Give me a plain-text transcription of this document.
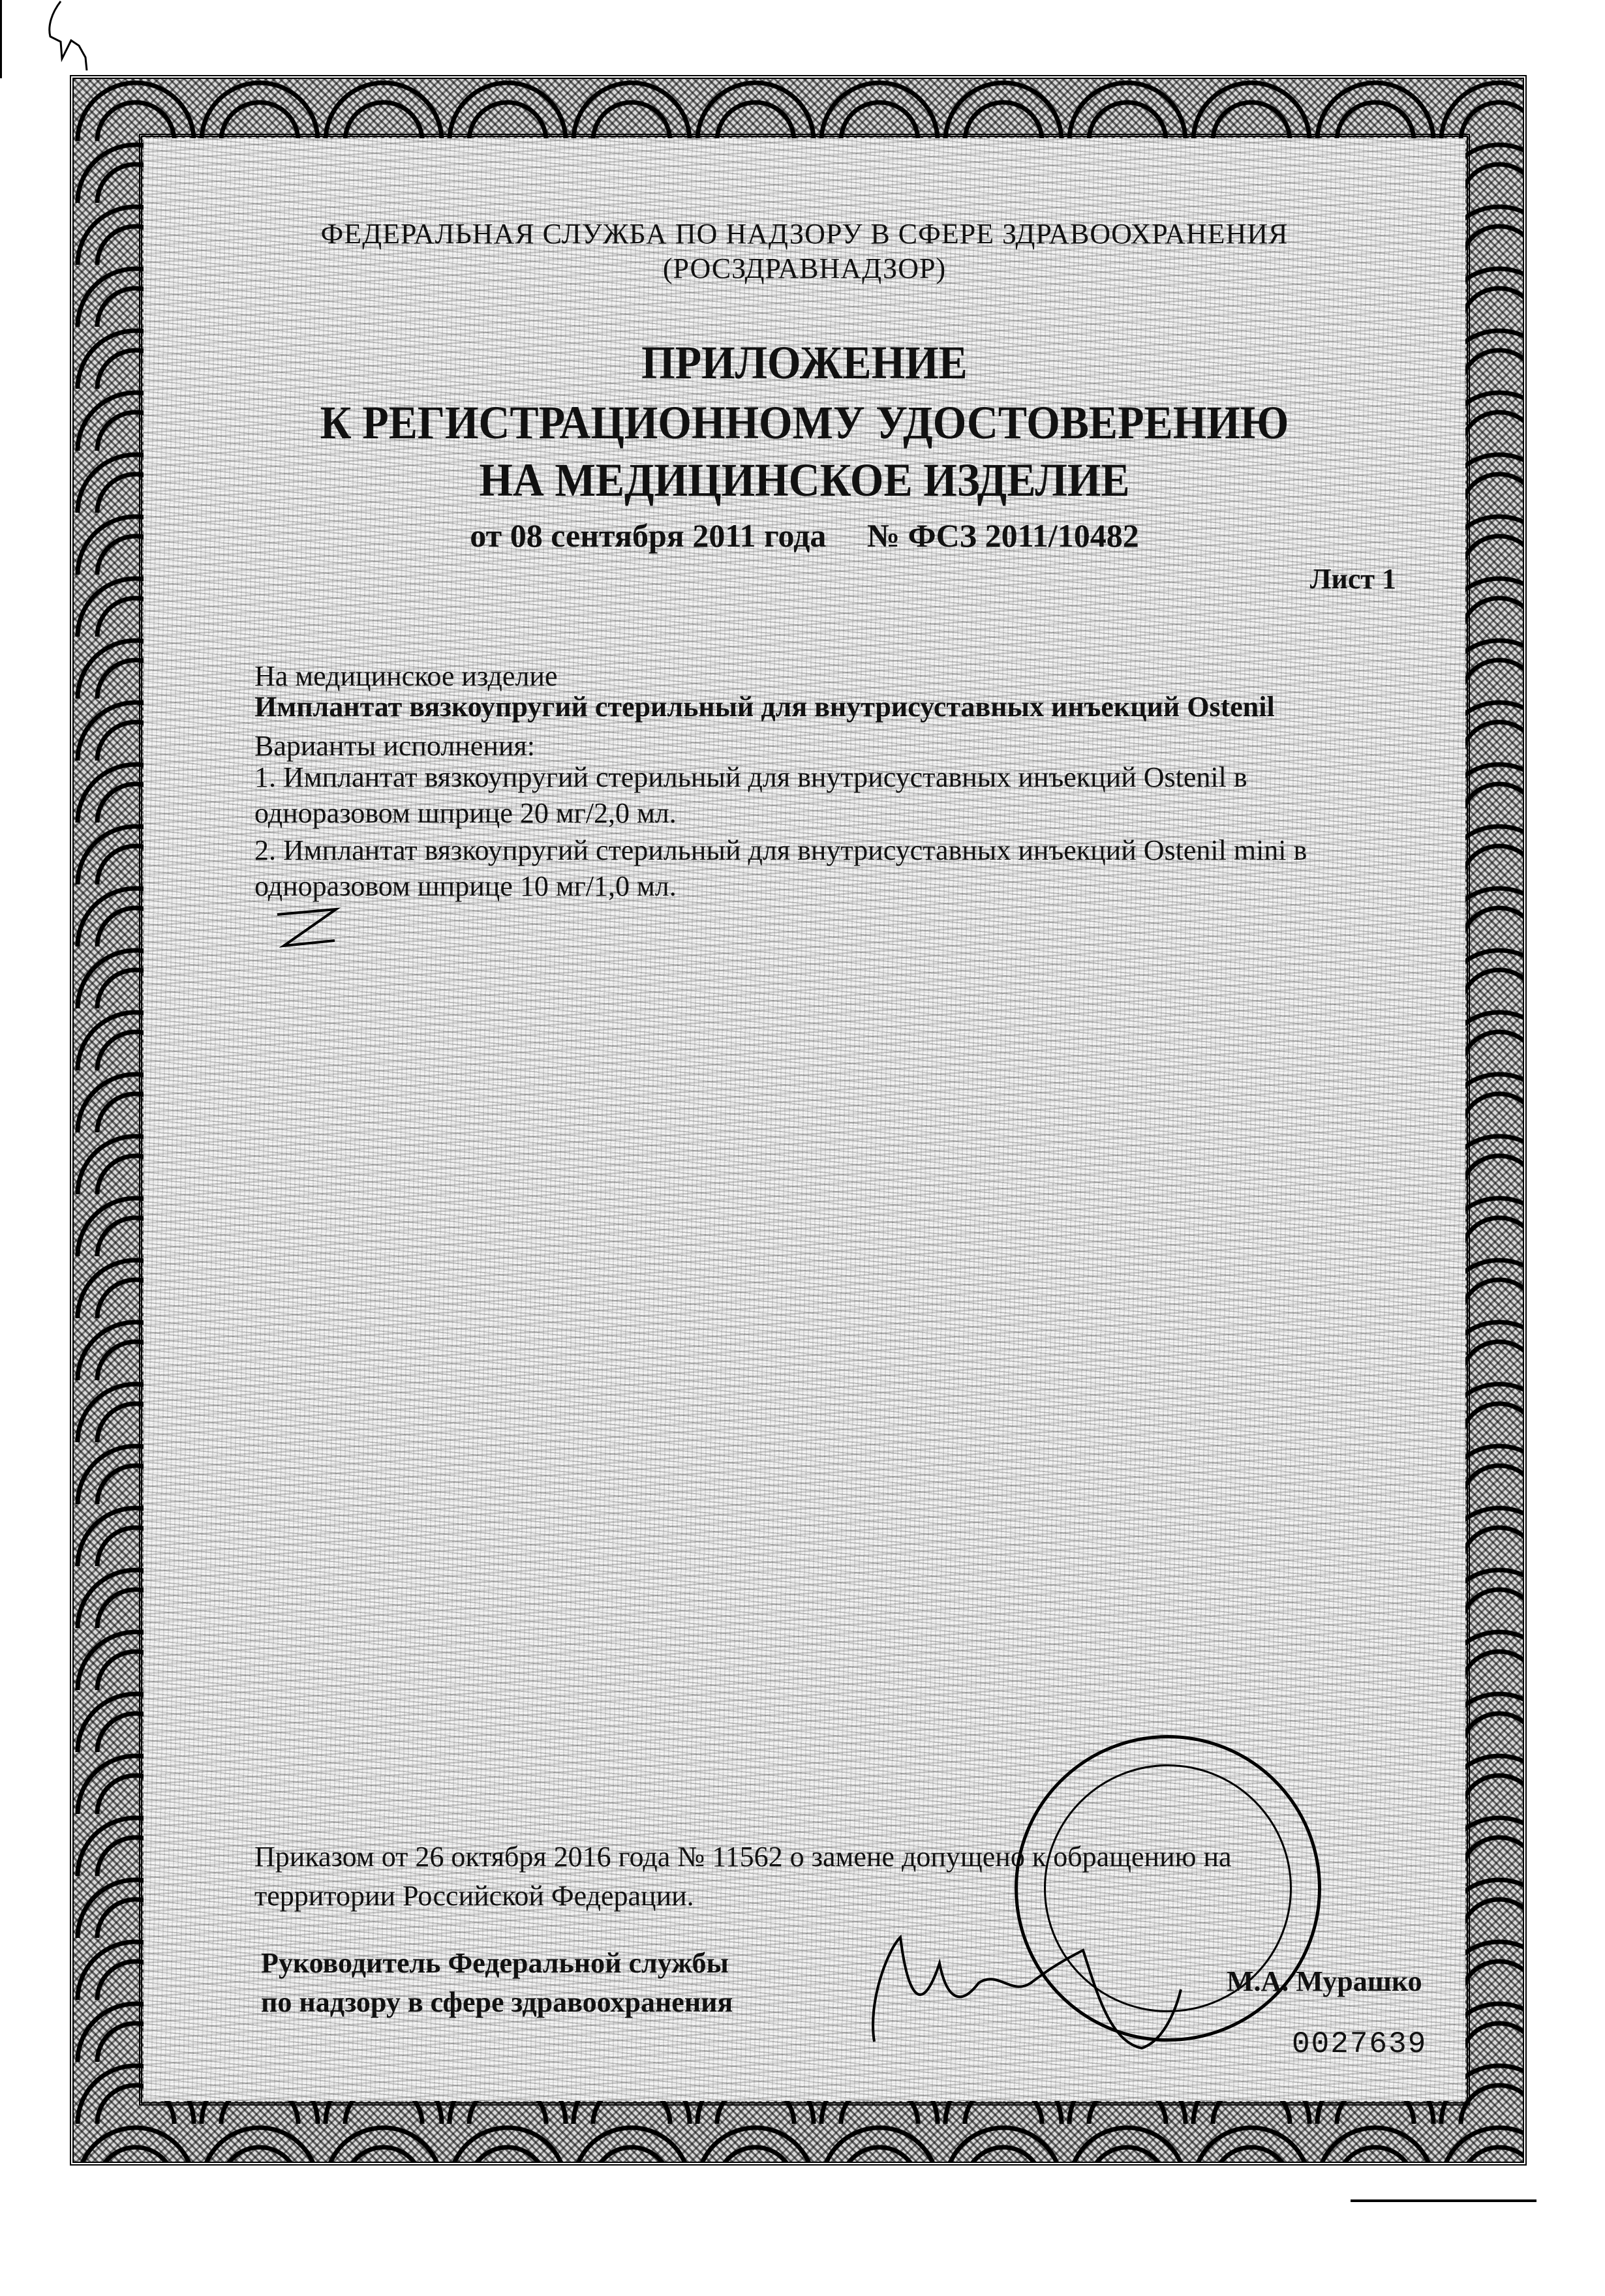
ФЕДЕРАЛЬНАЯ СЛУЖБА ПО НАДЗОРУ В СФЕРЕ ЗДРАВООХРАНЕНИЯ
(РОСЗДРАВНАДЗОР)
ПРИЛОЖЕНИЕ
К РЕГИСТРАЦИОННОМУ УДОСТОВЕРЕНИЮ
НА МЕДИЦИНСКОЕ ИЗДЕЛИЕ
от 08 сентября 2011 года № ФСЗ 2011/10482
Лист 1
На медицинское изделие
Имплантат вязкоупругий стерильный для внутрисуставных инъекций Ostenil
Варианты исполнения:
1. Имплантат вязкоупругий стерильный для внутрисуставных инъекций Ostenil в
одноразовом шприце 20 мг/2,0 мл.
2. Имплантат вязкоупругий стерильный для внутрисуставных инъекций Ostenil mini в
одноразовом шприце 10 мг/1,0 мл.
Приказом от 26 октября 2016 года № 11562 о замене допущено к обращению на
территории Российской Федерации.
Руководитель Федеральной службы
по надзору в сфере здравоохранения
М.А. Мурашко
0027639
